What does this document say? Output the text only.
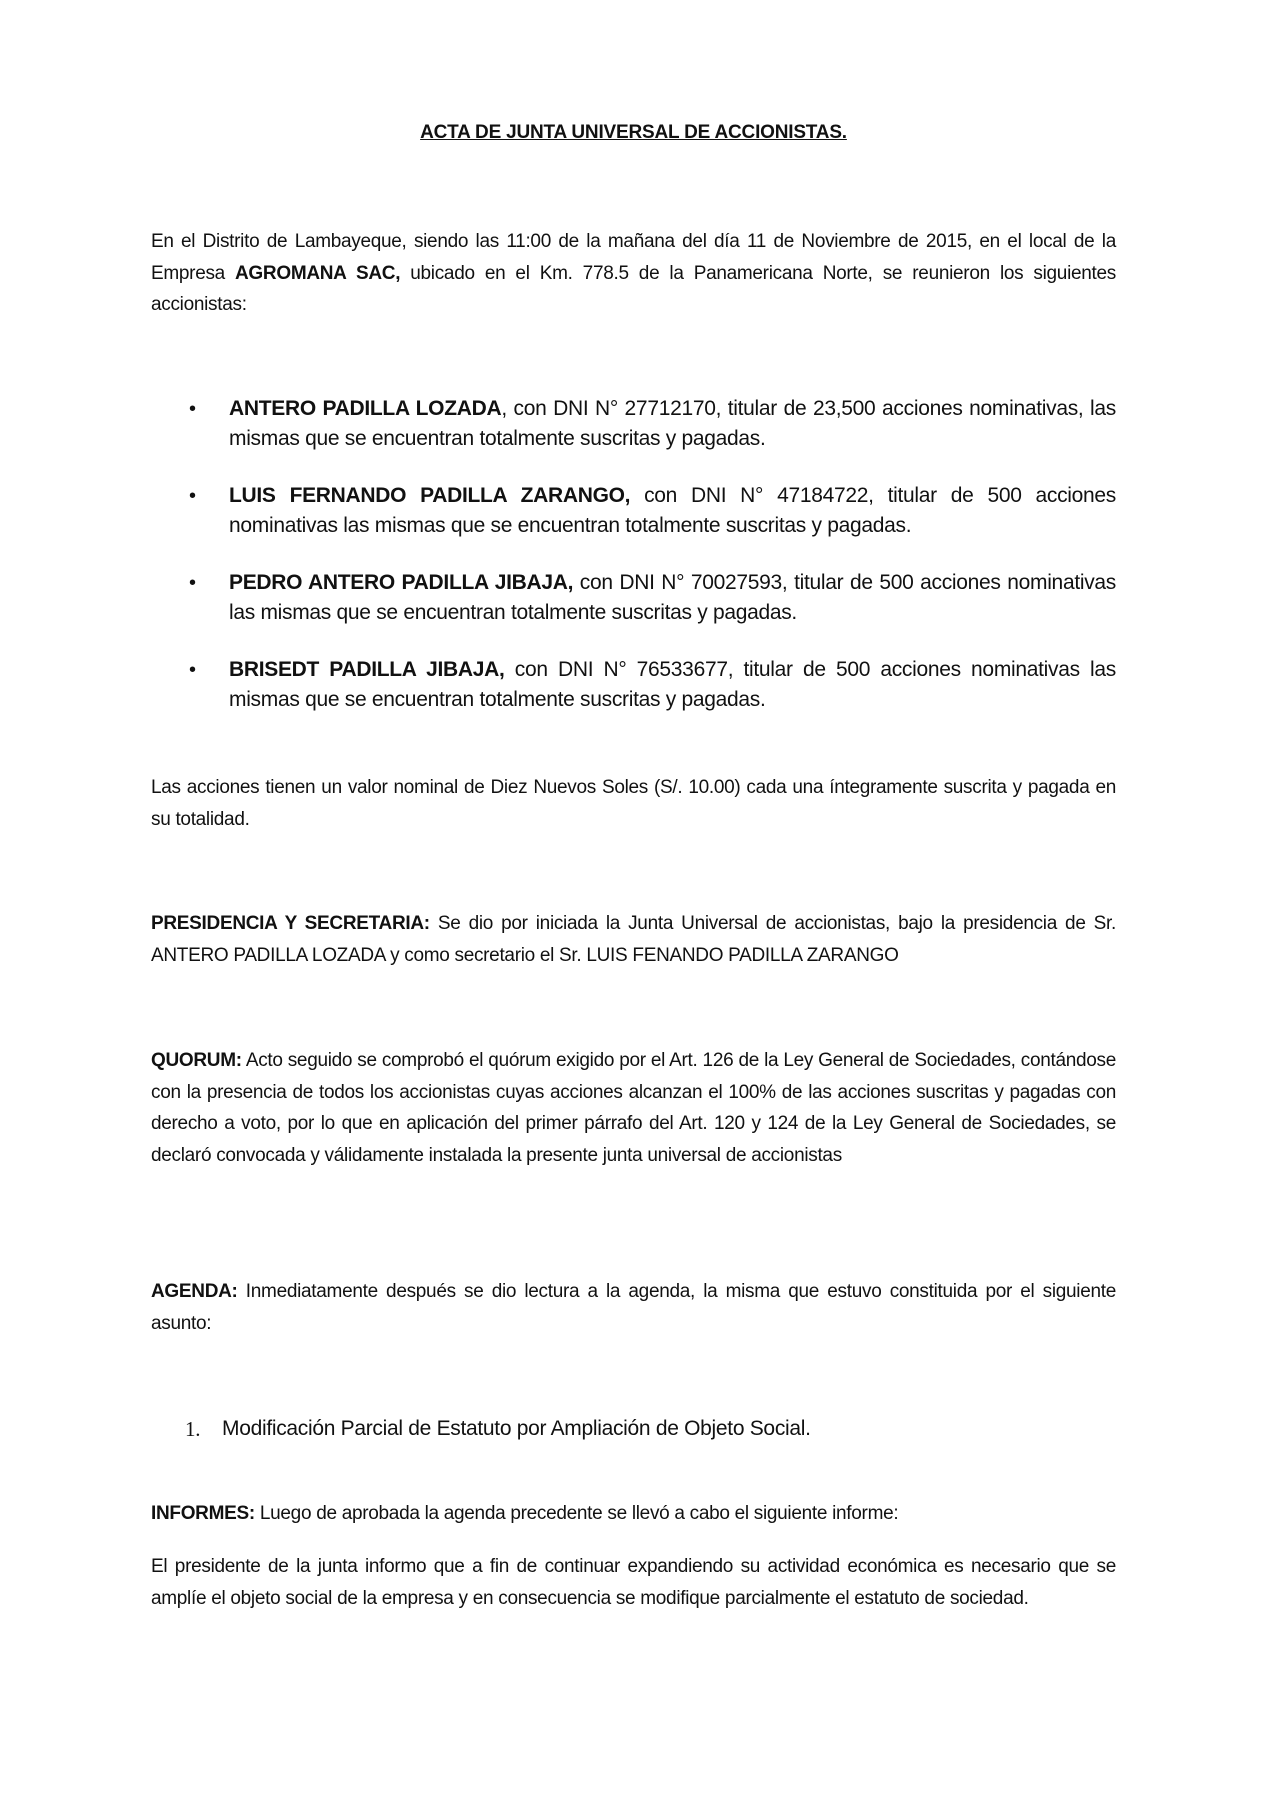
ACTA DE JUNTA UNIVERSAL DE ACCIONISTAS.
En el Distrito de Lambayeque, siendo las 11:00 de la mañana del día 11 de Noviembre de 2015, en el local de la Empresa AGROMANA SAC, ubicado en el Km. 778.5 de la Panamericana Norte, se reunieron los siguientes accionistas:
• ANTERO PADILLA LOZADA, con DNI N° 27712170, titular de 23,500 acciones nominativas, las mismas que se encuentran totalmente suscritas y pagadas.
• LUIS FERNANDO PADILLA ZARANGO, con DNI N° 47184722, titular de 500 acciones nominativas las mismas que se encuentran totalmente suscritas y pagadas.
• PEDRO ANTERO PADILLA JIBAJA, con DNI N° 70027593, titular de 500 acciones nominativas las mismas que se encuentran totalmente suscritas y pagadas.
• BRISEDT PADILLA JIBAJA, con DNI N° 76533677, titular de 500 acciones nominativas las mismas que se encuentran totalmente suscritas y pagadas.
Las acciones tienen un valor nominal de Diez Nuevos Soles (S/. 10.00) cada una íntegramente suscrita y pagada en su totalidad.
PRESIDENCIA Y SECRETARIA: Se dio por iniciada la Junta Universal de accionistas, bajo la presidencia de Sr. ANTERO PADILLA LOZADA y como secretario el Sr. LUIS FENANDO PADILLA ZARANGO
QUORUM: Acto seguido se comprobó el quórum exigido por el Art. 126 de la Ley General de Sociedades, contándose con la presencia de todos los accionistas cuyas acciones alcanzan el 100% de las acciones suscritas y pagadas con derecho a voto, por lo que en aplicación del primer párrafo del Art. 120 y 124 de la Ley General de Sociedades, se declaró convocada y válidamente instalada la presente junta universal de accionistas
AGENDA: Inmediatamente después se dio lectura a la agenda, la misma que estuvo constituida por el siguiente asunto:
1. Modificación Parcial de Estatuto por Ampliación de Objeto Social.
INFORMES: Luego de aprobada la agenda precedente se llevó a cabo el siguiente informe:
El presidente de la junta informo que a fin de continuar expandiendo su actividad económica es necesario que se amplíe el objeto social de la empresa y en consecuencia se modifique parcialmente el estatuto de sociedad.
